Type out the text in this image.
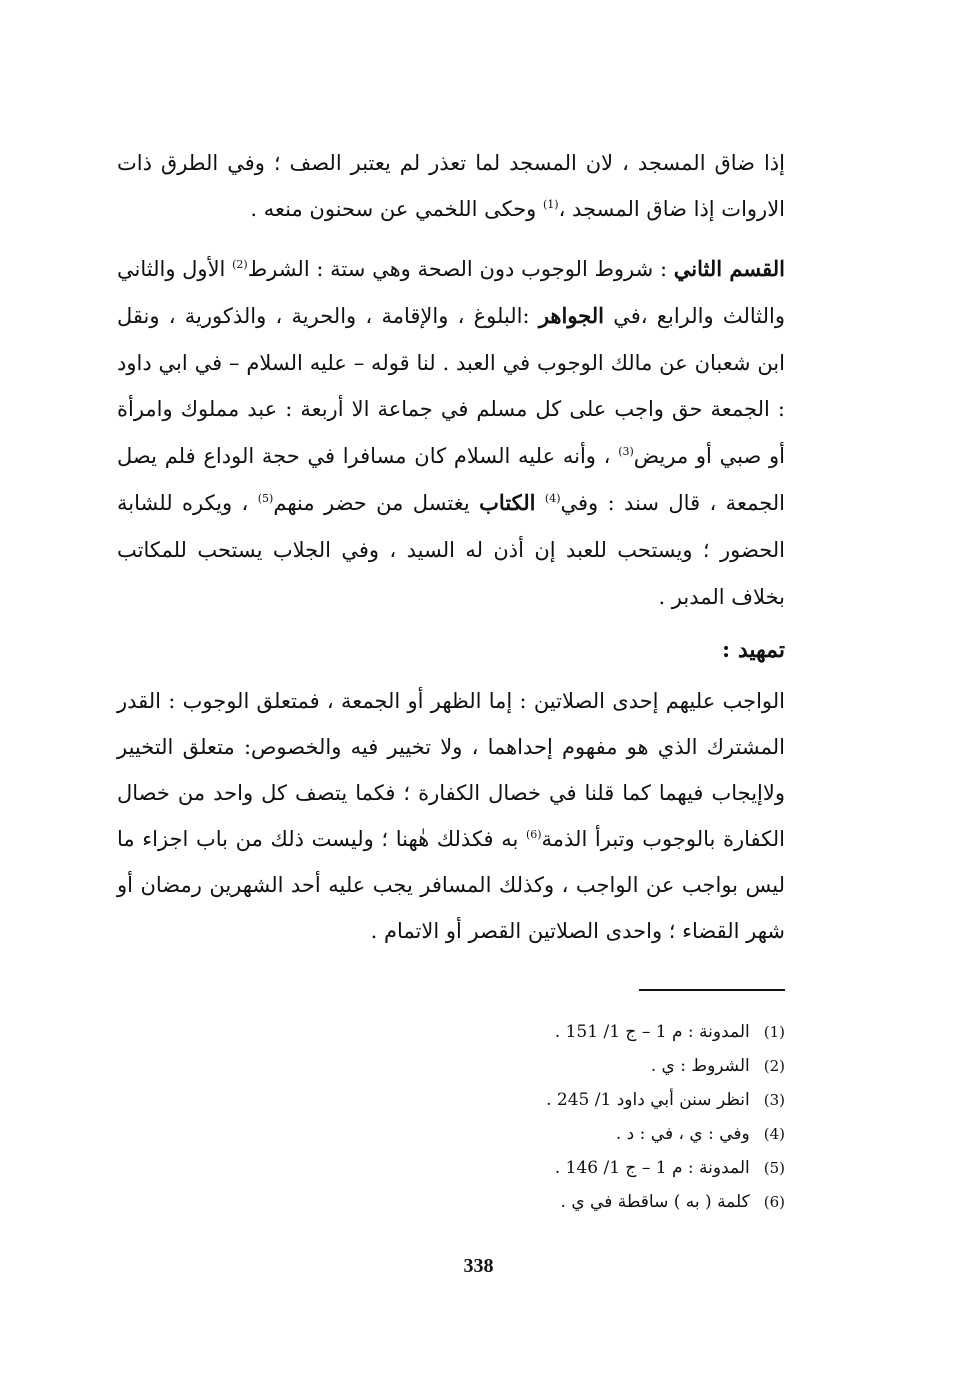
إذا ضاق المسجد ، لان المسجد لما تعذر لم يعتبر الصف ؛ وفي الطرق ذات الاروات إذا ضاق المسجد ،$^{(1)}$ وحكى اللخمي عن سحنون منعه .

القسم الثاني : شروط الوجوب دون الصحة وهي ستة : الشرط$^{(2)}$ الأول والثاني والثالث والرابع ،في الجواهر :البلوغ ، والإقامة ، والحرية ، والذكورية ، ونقل ابن شعبان عن مالك الوجوب في العبد . لنا قوله – عليه السلام – في ابي داود : الجمعة حق واجب على كل مسلم في جماعة الا أربعة : عبد مملوك وامرأة أو صبي أو مريض$^{(3)}$ ، وأنه عليه السلام كان مسافرا في حجة الوداع فلم يصل الجمعة ، قال سند : وفي$^{(4)}$ الكتاب يغتسل من حضر منهم$^{(5)}$ ، ويكره للشابة الحضور ؛ ويستحب للعبد إن أذن له السيد ، وفي الجلاب يستحب للمكاتب بخلاف المدبر .

تمهيد :

الواجب عليهم إحدى الصلاتين : إما الظهر أو الجمعة ، فمتعلق الوجوب : القدر المشترك الذي هو مفهوم إحداهما ، ولا تخيير فيه والخصوص: متعلق التخيير ولاإيجاب فيهما كما قلنا في خصال الكفارة ؛ فكما يتصف كل واحد من خصال الكفارة بالوجوب وتبرأ الذمة$^{(6)}$ به فكذلك هٰهنا ؛ وليست ذلك من باب اجزاء ما ليس بواجب عن الواجب ، وكذلك المسافر يجب عليه أحد الشهرين رمضان أو شهر القضاء ؛ واحدى الصلاتين القصر أو الاتمام .

(1)المدونة : م 1 – ج 1/ 151 .
(2)الشروط : ي .
(3)انظر سنن أبي داود 1/ 245 .
(4)وفي : ي ، في : د .
(5)المدونة : م 1 – ج 1/ 146 .
(6)كلمة ( به ) ساقطة في ي .
338
